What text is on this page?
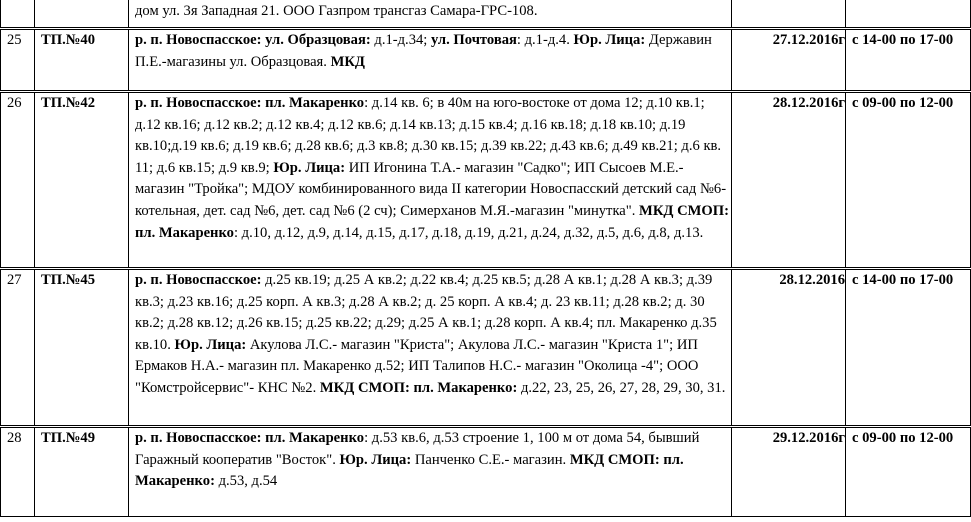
		дом ул. 3я Западная 21. ООО Газпром трансгаз Самара-ГРС-108.		
25	ТП.№40	р. п. Новоспасское: ул. Образцовая: д.1-д.34; ул. Почтовая: д.1-д.4. Юр. Лица: Державин П.Е.-магазины ул. Образцовая. МКД	27.12.2016г	с 14-00 по 17-00
26	ТП.№42	р. п. Новоспасское: пл. Макаренко: д.14 кв. 6; в 40м на юго-востоке от дома 12; д.10 кв.1; д.12 кв.16; д.12 кв.2; д.12 кв.4; д.12 кв.6; д.14 кв.13; д.15 кв.4; д.16 кв.18; д.18 кв.10; д.19 кв.10;д.19 кв.6; д.19 кв.6; д.28 кв.6; д.3 кв.8; д.30 кв.15; д.39 кв.22; д.43 кв.6; д.49 кв.21; д.6 кв. 11; д.6 кв.15; д.9 кв.9; Юр. Лица: ИП Игонина Т.А.- магазин "Садко"; ИП Сысоев М.Е.- магазин "Тройка"; МДОУ комбинированного вида II категории Новоспасский детский сад №6-котельная, дет. сад №6, дет. сад №6 (2 сч); Симерханов М.Я.-магазин "минутка". МКД СМОП: пл. Макаренко: д.10, д.12, д.9, д.14, д.15, д.17, д.18, д.19, д.21, д.24, д.32, д.5, д.6, д.8, д.13.	28.12.2016г	с 09-00 по 12-00
27	ТП.№45	р. п. Новоспасское: д.25 кв.19; д.25 А кв.2; д.22 кв.4; д.25 кв.5; д.28 А кв.1; д.28 А кв.3; д.39 кв.3; д.23 кв.16; д.25 корп. А кв.3; д.28 А кв.2; д. 25 корп. А кв.4; д. 23 кв.11; д.28 кв.2; д. 30 кв.2; д.28 кв.12; д.26 кв.15; д.25 кв.22; д.29; д.25 А кв.1; д.28 корп. А кв.4; пл. Макаренко д.35 кв.10. Юр. Лица: Акулова Л.С.- магазин "Криста"; Акулова Л.С.- магазин "Криста 1"; ИП Ермаков Н.А.- магазин пл. Макаренко д.52; ИП Талипов Н.С.- магазин "Околица -4"; ООО "Комстройсервис"- КНС №2. МКД СМОП: пл. Макаренко: д.22, 23, 25, 26, 27, 28, 29, 30, 31.	28.12.2016	с 14-00 по 17-00
28	ТП.№49	р. п. Новоспасское: пл. Макаренко: д.53 кв.6, д.53 строение 1, 100 м от дома 54, бывший Гаражный кооператив "Восток". Юр. Лица: Панченко С.Е.- магазин. МКД СМОП: пл. Макаренко: д.53, д.54	29.12.2016г	с 09-00 по 12-00
